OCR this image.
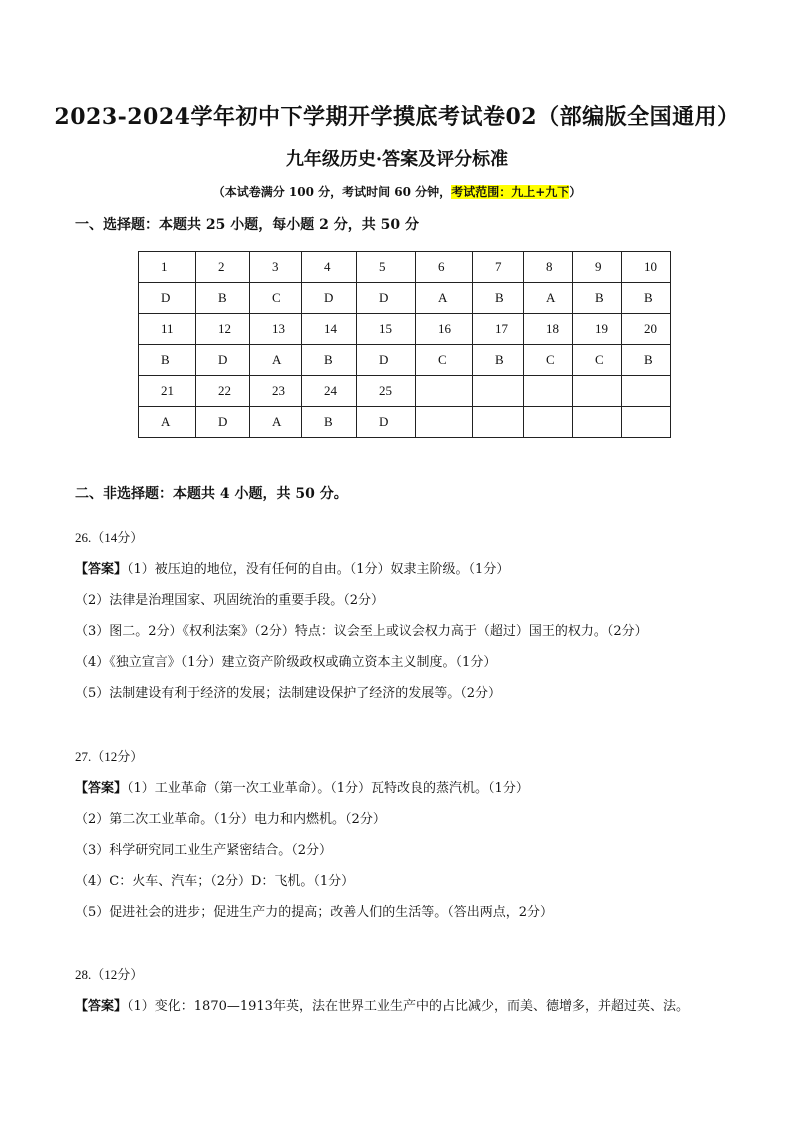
2023-2024学年初中下学期开学摸底考试卷02（部编版全国通用）
九年级历史·答案及评分标准
（本试卷满分 100 分，考试时间 60 分钟，考试范围：九上+九下）
一、选择题：本题共 25 小题，每小题 2 分，共 50 分
1	2	3	4	5	6	7	8	9	10
D	B	C	D	D	A	B	A	B	B
11	12	13	14	15	16	17	18	19	20
B	D	A	B	D	C	B	C	C	B
21	22	23	24	25					
A	D	A	B	D					
二、非选择题：本题共 4 小题，共 50 分。
26.（14分）
【答案】（1）被压迫的地位，没有任何的自由。（1分）奴隶主阶级。（1分）
（2）法律是治理国家、巩固统治的重要手段。（2分）
（3）图二。2分）《权利法案》（2分）特点：议会至上或议会权力高于（超过）国王的权力。（2分）
（4）《独立宣言》（1分）建立资产阶级政权或确立资本主义制度。（1分）
（5）法制建设有利于经济的发展；法制建设保护了经济的发展等。（2分）
27.（12分）
【答案】（1）工业革命（第一次工业革命）。（1分）瓦特改良的蒸汽机。（1分）
（2）第二次工业革命。（1分）电力和内燃机。（2分）
（3）科学研究同工业生产紧密结合。（2分）
（4）C：火车、汽车；（2分）D：飞机。（1分）
（5）促进社会的进步；促进生产力的提高；改善人们的生活等。（答出两点，2分）
28.（12分）
【答案】（1）变化：1870—1913年英，法在世界工业生产中的占比减少，而美、德增多，并超过英、法。
